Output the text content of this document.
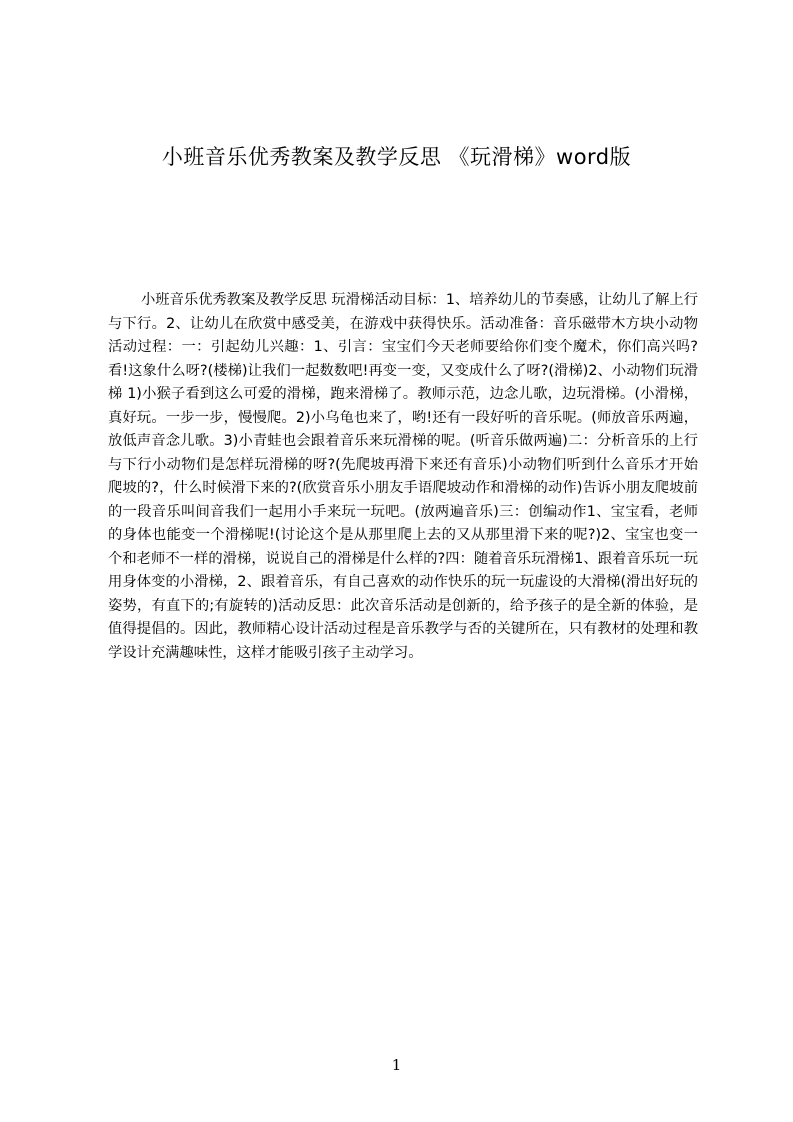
小班音乐优秀教案及教学反思 《玩滑梯》word版

小班音乐优秀教案及教学反思 玩滑梯活动目标：1、培养幼儿的节奏感，让幼儿了解上行与下行。2、让幼儿在欣赏中感受美，在游戏中获得快乐。活动准备：音乐磁带木方块小动物活动过程：一：引起幼儿兴趣：1、引言：宝宝们今天老师要给你们变个魔术，你们高兴吗?看!这象什么呀?(楼梯)让我们一起数数吧!再变一变，又变成什么了呀?(滑梯)2、小动物们玩滑梯 1)小猴子看到这么可爱的滑梯，跑来滑梯了。教师示范，边念儿歌，边玩滑梯。(小滑梯，真好玩。一步一步，慢慢爬。2)小乌龟也来了，哟!还有一段好听的音乐呢。(师放音乐两遍，放低声音念儿歌。3)小青蛙也会跟着音乐来玩滑梯的呢。(听音乐做两遍)二：分析音乐的上行与下行小动物们是怎样玩滑梯的呀?(先爬坡再滑下来还有音乐)小动物们听到什么音乐才开始爬坡的?，什么时候滑下来的?(欣赏音乐小朋友手语爬坡动作和滑梯的动作)告诉小朋友爬坡前的一段音乐叫间音我们一起用小手来玩一玩吧。(放两遍音乐)三：创编动作1、宝宝看，老师的身体也能变一个滑梯呢!(讨论这个是从那里爬上去的又从那里滑下来的呢?)2、宝宝也变一个和老师不一样的滑梯，说说自己的滑梯是什么样的?四：随着音乐玩滑梯1、跟着音乐玩一玩用身体变的小滑梯，2、跟着音乐，有自己喜欢的动作快乐的玩一玩虚设的大滑梯(滑出好玩的姿势，有直下的;有旋转的)活动反思：此次音乐活动是创新的，给予孩子的是全新的体验，是值得提倡的。因此，教师精心设计活动过程是音乐教学与否的关键所在，只有教材的处理和教学设计充满趣味性，这样才能吸引孩子主动学习。

1
